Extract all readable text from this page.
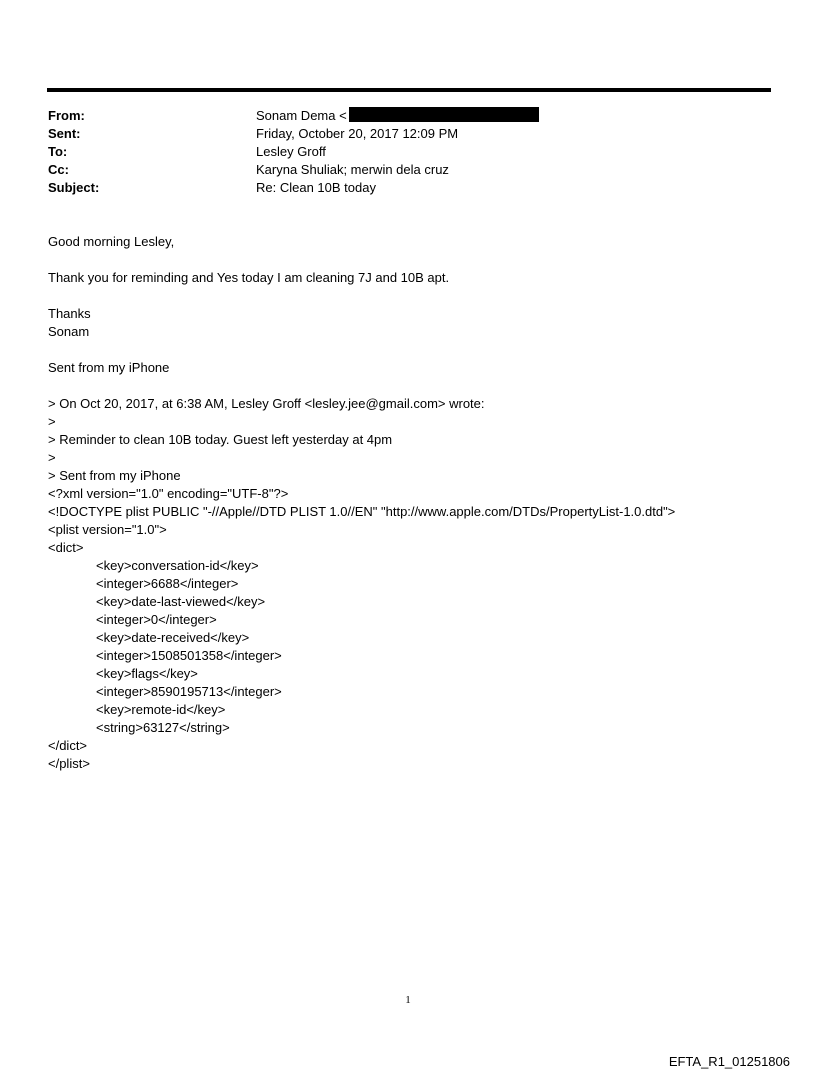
From:	Sonam Dema <
Sent:	Friday, October 20, 2017 12:09 PM
To:	Lesley Groff
Cc:	Karyna Shuliak; merwin dela cruz
Subject:	Re: Clean 10B today
Good morning Lesley,
Thank you for reminding and Yes today I am cleaning 7J and 10B apt.
Thanks
Sonam
Sent from my iPhone
> On Oct 20, 2017, at 6:38 AM, Lesley Groff <lesley.jee@gmail.com> wrote:
>
> Reminder to clean 10B today. Guest left yesterday at 4pm
>
> Sent from my iPhone
<?xml version="1.0" encoding="UTF-8"?>
<!DOCTYPE plist PUBLIC "-//Apple//DTD PLIST 1.0//EN" "http://www.apple.com/DTDs/PropertyList-1.0.dtd">
<plist version="1.0">
<dict>
<key>conversation-id</key>
<integer>6688</integer>
<key>date-last-viewed</key>
<integer>0</integer>
<key>date-received</key>
<integer>1508501358</integer>
<key>flags</key>
<integer>8590195713</integer>
<key>remote-id</key>
<string>63127</string>
</dict>
</plist>
1
EFTA_R1_01251806
